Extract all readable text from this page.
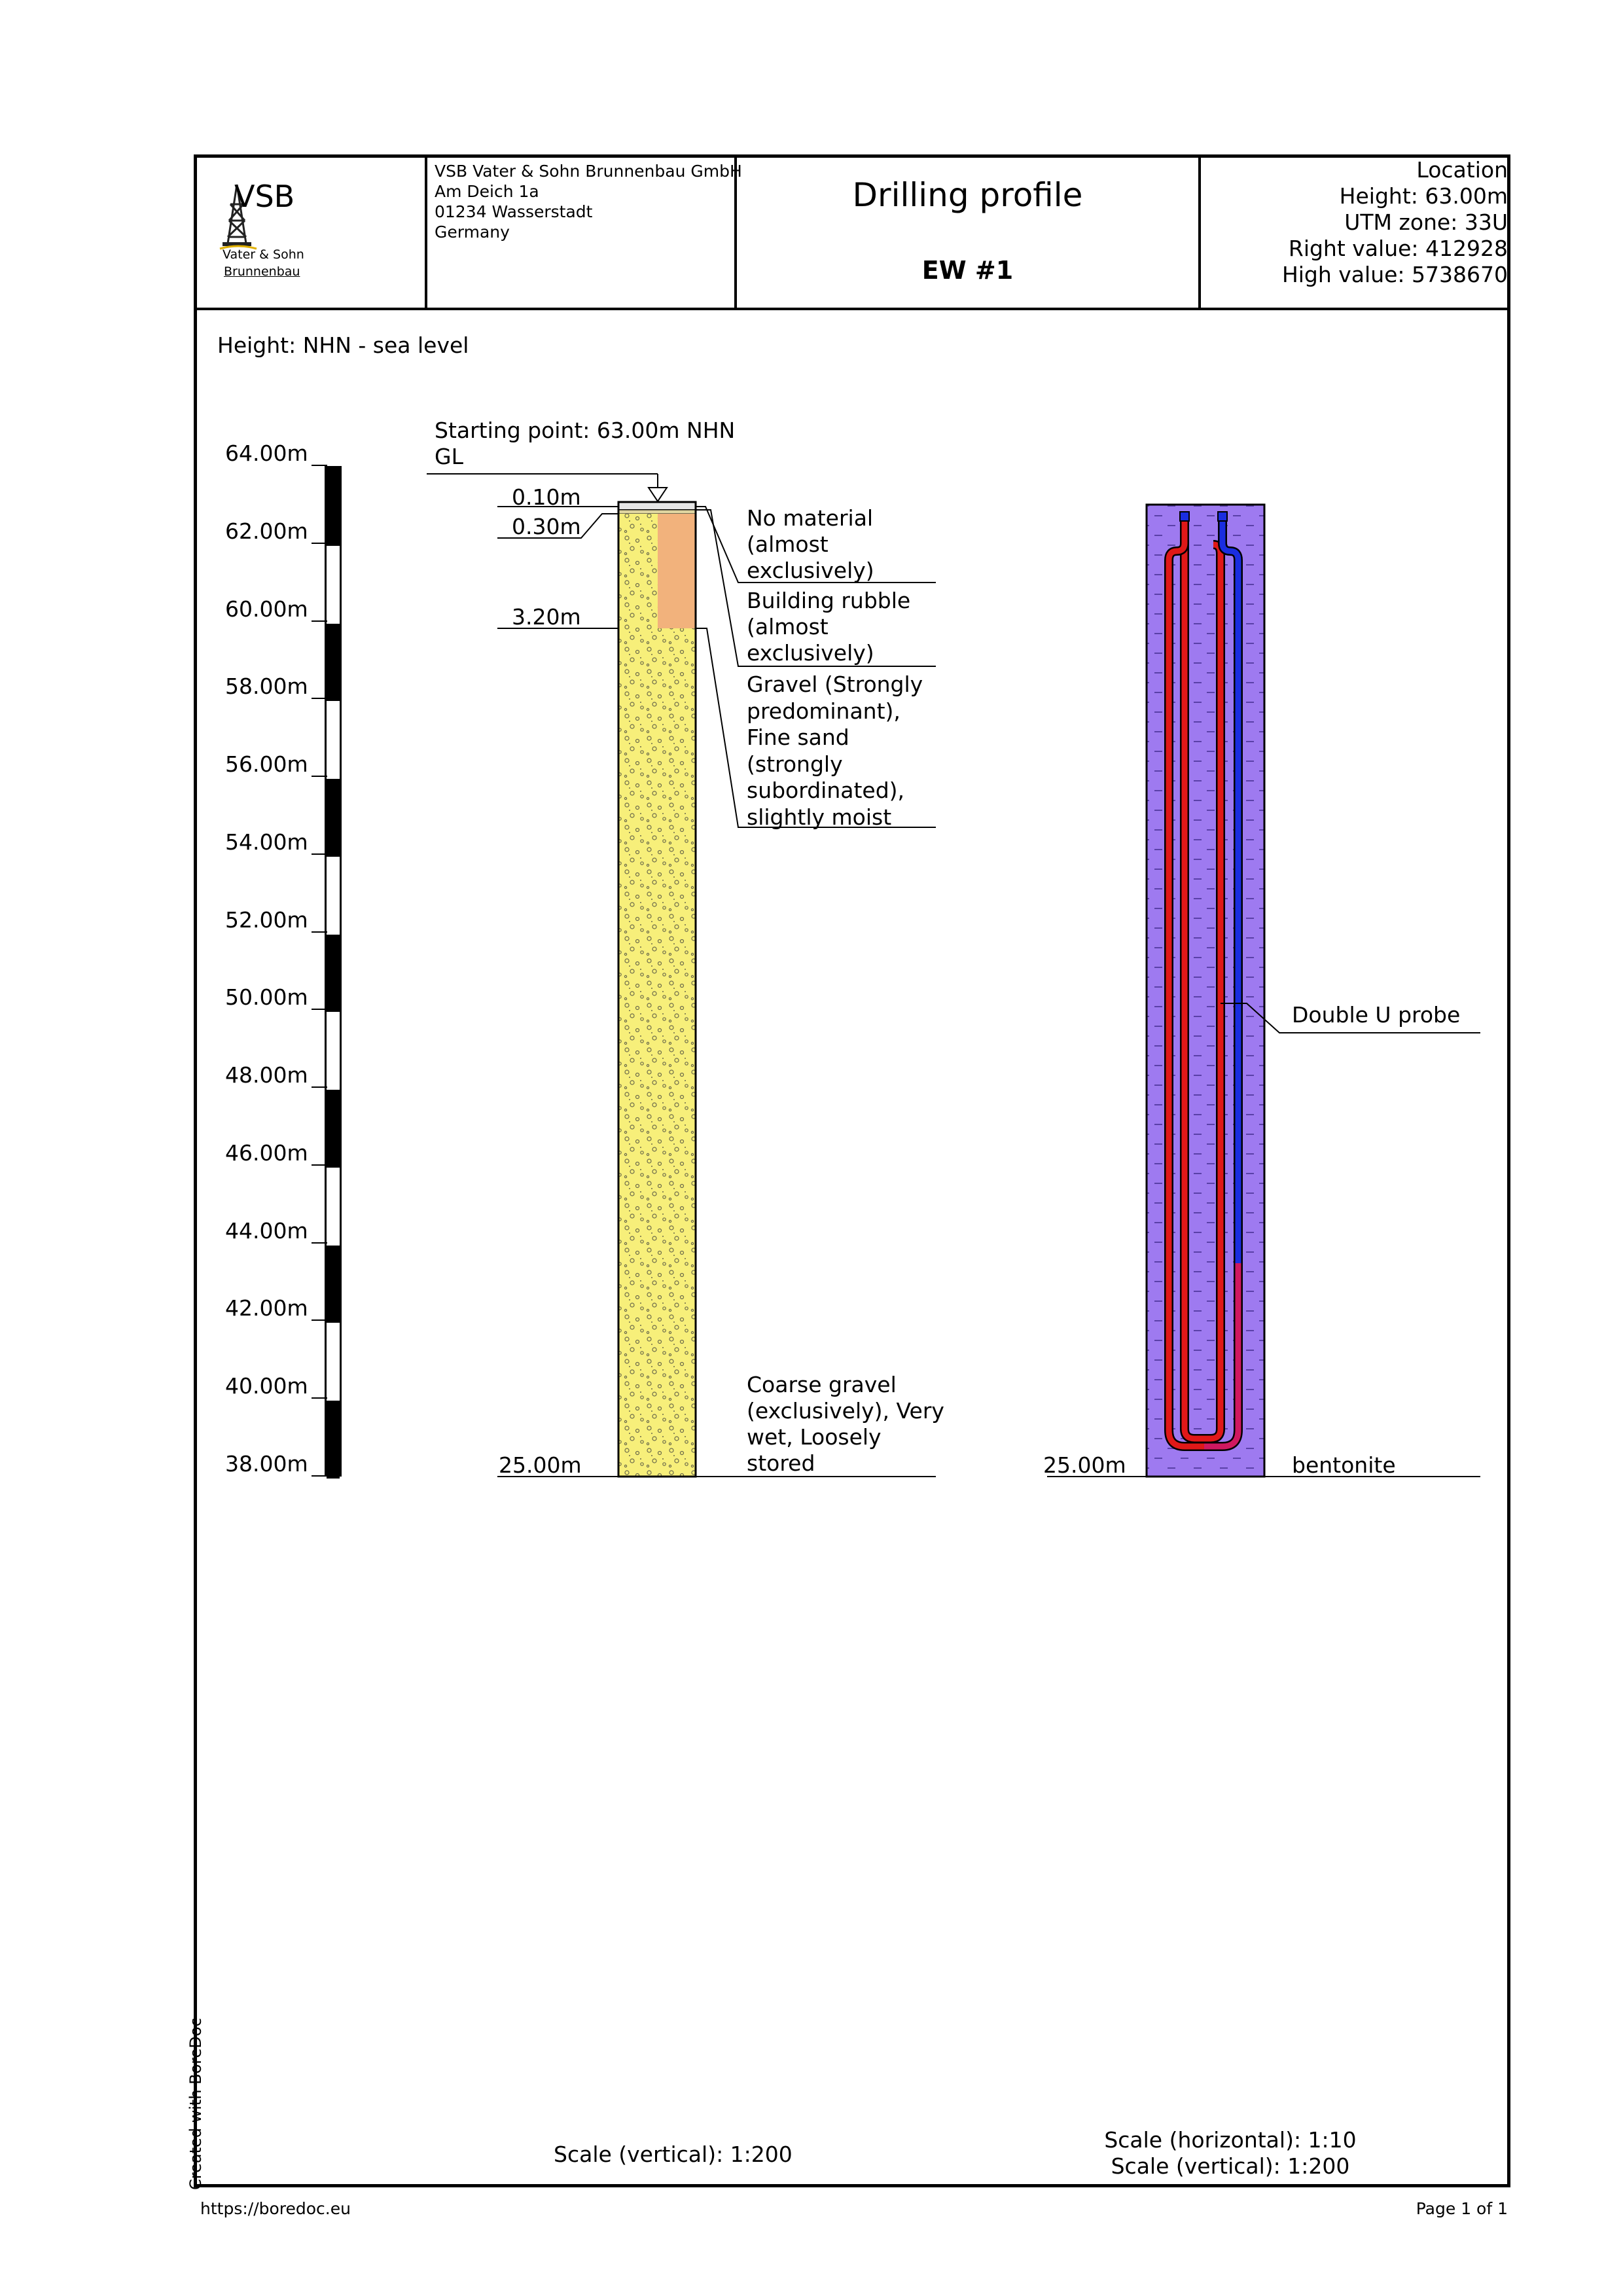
VSB
Vater & Sohn
Brunnenbau
VSB Vater & Sohn Brunnenbau GmbH
Am Deich 1a
01234 Wasserstadt
Germany
Drilling profile
EW #1
Location
Height: 63.00m
UTM zone: 33U
Right value: 412928
High value: 5738670
Height: NHN - sea level
64.00m
62.00m
60.00m
58.00m
56.00m
54.00m
52.00m
50.00m
48.00m
46.00m
44.00m
42.00m
40.00m
38.00m
Starting point: 63.00m NHN
GL
0.10m
0.30m
3.20m
25.00m
No material
(almost
exclusively)
Building rubble
(almost
exclusively)
Gravel (Strongly
predominant),
Fine sand
(strongly
subordinated),
slightly moist
Coarse gravel
(exclusively), Very
wet, Loosely
stored
Double U probe
25.00m	bentonite
Scale (vertical): 1:200
Scale (horizontal): 1:10
Scale (vertical): 1:200
Created with BoreDoc
https://boredoc.eu	Page 1 of 1
